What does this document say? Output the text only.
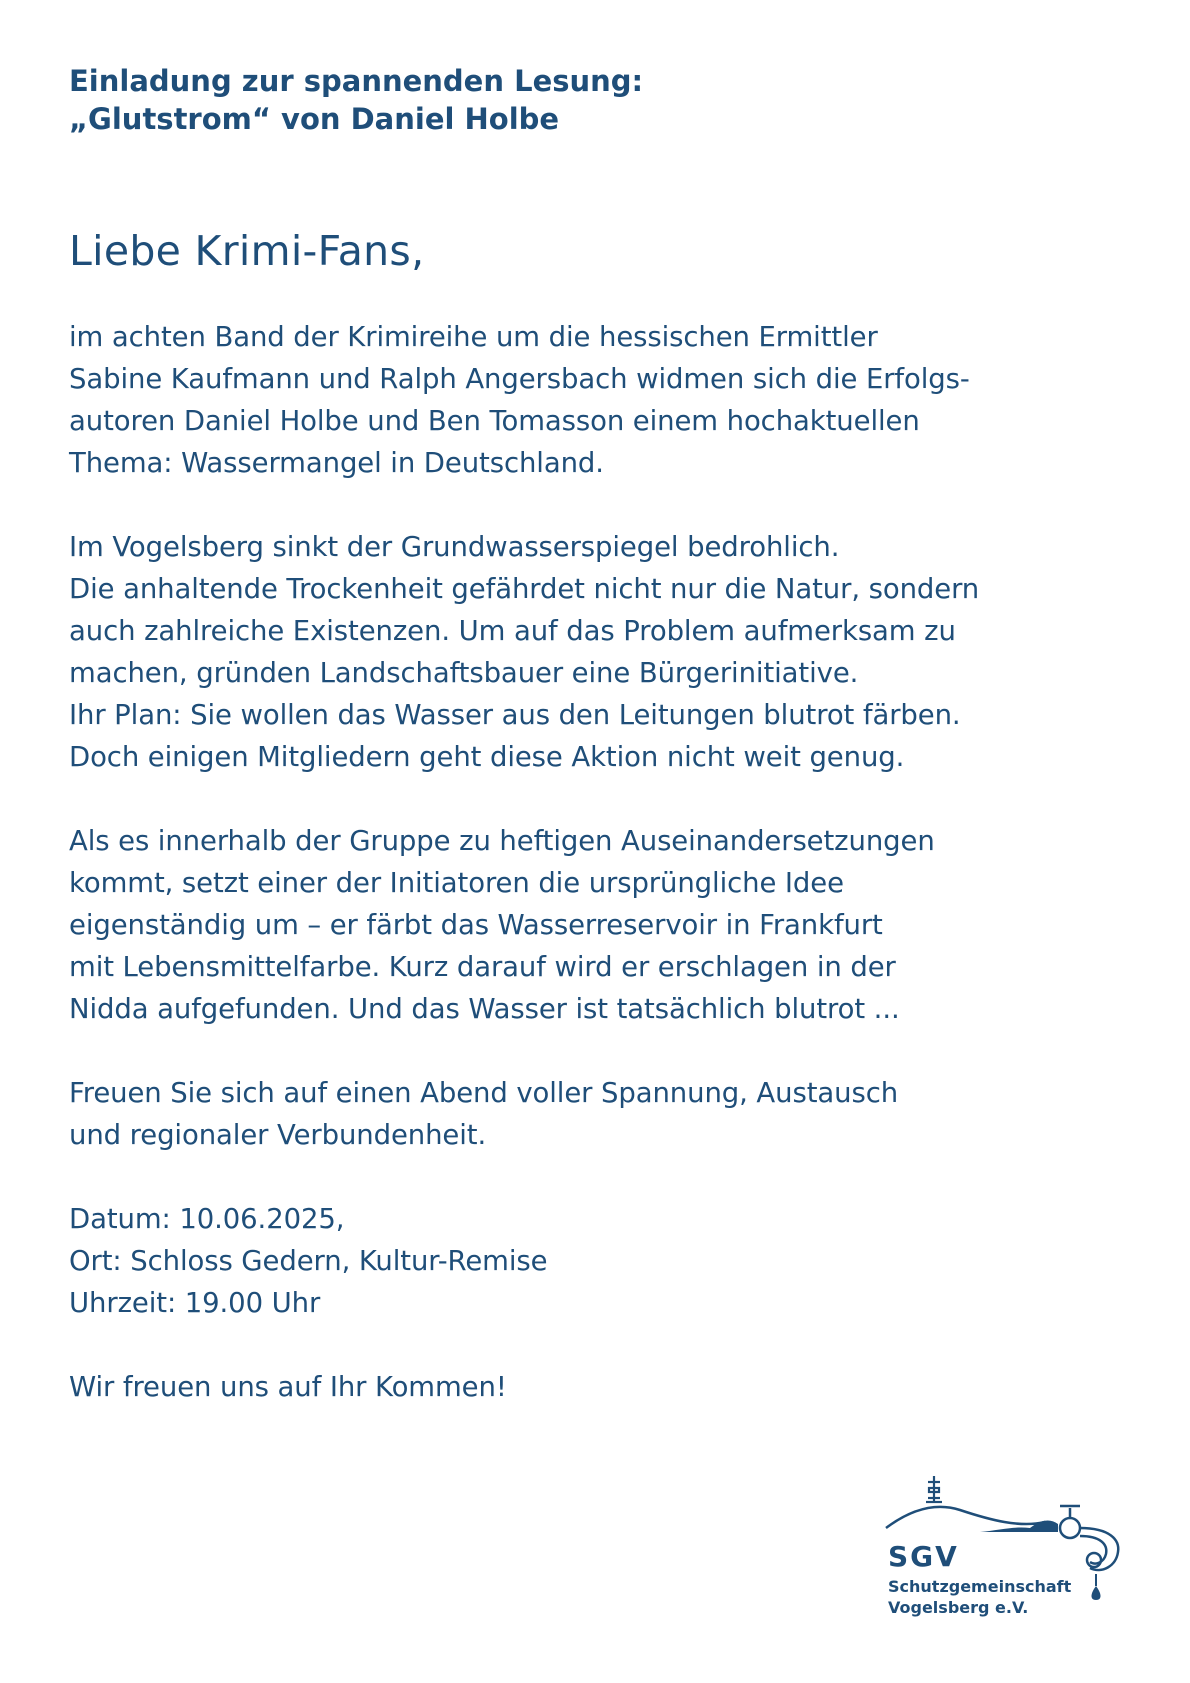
Einladung zur spannenden Lesung:
„Glutstrom“ von Daniel Holbe
Liebe Krimi-Fans,

im achten Band der Krimireihe um die hessischen Ermittler
Sabine Kaufmann und Ralph Angersbach widmen sich die Erfolgs-
autoren Daniel Holbe und Ben Tomasson einem hochaktuellen
Thema: Wassermangel in Deutschland.

Im Vogelsberg sinkt der Grundwasserspiegel bedrohlich.
Die anhaltende Trockenheit gefährdet nicht nur die Natur, sondern
auch zahlreiche Existenzen. Um auf das Problem aufmerksam zu
machen, gründen Landschaftsbauer eine Bürgerinitiative.
Ihr Plan: Sie wollen das Wasser aus den Leitungen blutrot färben.
Doch einigen Mitgliedern geht diese Aktion nicht weit genug.

Als es innerhalb der Gruppe zu heftigen Auseinandersetzungen
kommt, setzt einer der Initiatoren die ursprüngliche Idee
eigenständig um – er färbt das Wasserreservoir in Frankfurt
mit Lebensmittelfarbe. Kurz darauf wird er erschlagen in der
Nidda aufgefunden. Und das Wasser ist tatsächlich blutrot ...

Freuen Sie sich auf einen Abend voller Spannung, Austausch
und regionaler Verbundenheit.

Datum: 10.06.2025,
Ort: Schloss Gedern, Kultur-Remise
Uhrzeit: 19.00 Uhr

Wir freuen uns auf Ihr Kommen!

SGV
Schutzgemeinschaft
Vogelsberg e.V.
